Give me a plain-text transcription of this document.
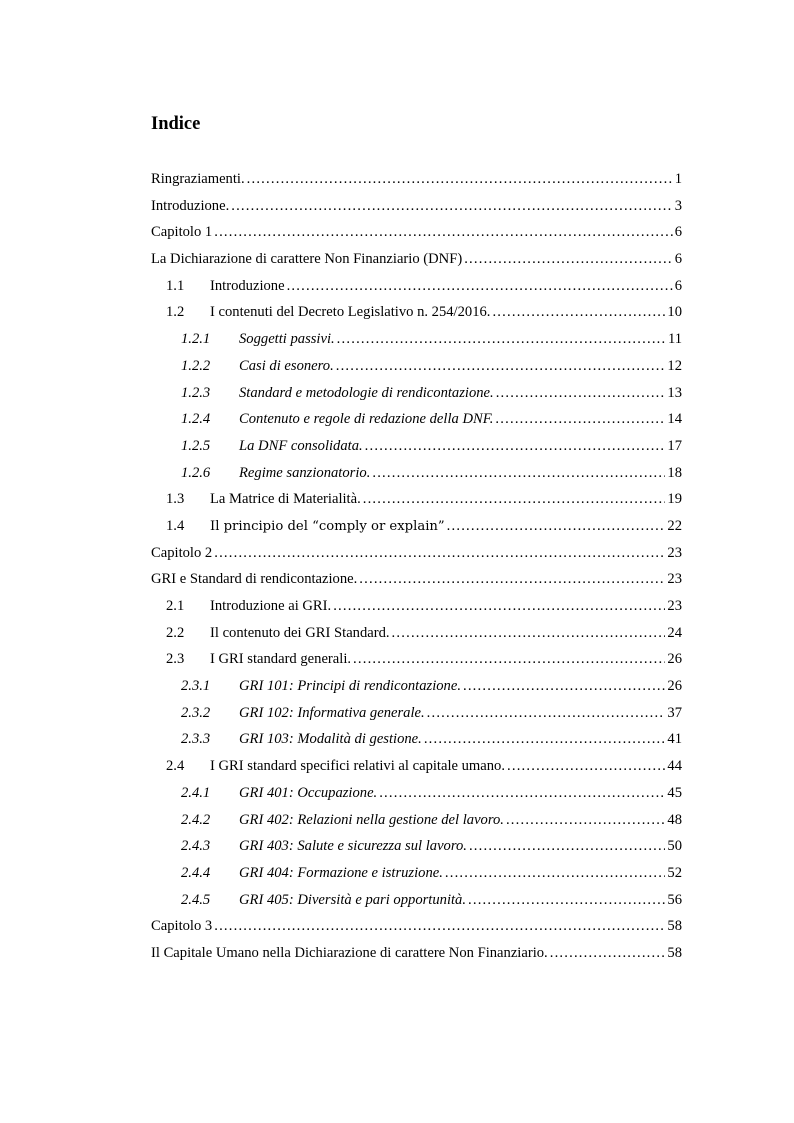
Indice
Ringraziamenti. .....	1
Introduzione. .....	3
Capitolo 1 .....	6
La Dichiarazione di carattere Non Finanziario (DNF) .....	6
1.1	Introduzione .....	6
1.2	I contenuti del Decreto Legislativo n. 254/2016. .....	10
1.2.1	Soggetti passivi. .....	11
1.2.2	Casi di esonero. .....	12
1.2.3	Standard e metodologie di rendicontazione. .....	13
1.2.4	Contenuto e regole di redazione della DNF. .....	14
1.2.5	La DNF consolidata. .....	17
1.2.6	Regime sanzionatorio. .....	18
1.3	La Matrice di Materialità. .....	19
1.4	Il principio del “comply or explain” .....	22
Capitolo 2 .....	23
GRI e Standard di rendicontazione. .....	23
2.1	Introduzione ai GRI. .....	23
2.2	Il contenuto dei GRI Standard. .....	24
2.3	I GRI standard generali. .....	26
2.3.1	GRI 101: Principi di rendicontazione. .....	26
2.3.2	GRI 102: Informativa generale. .....	37
2.3.3	GRI 103: Modalità di gestione. .....	41
2.4	I GRI standard specifici relativi al capitale umano. .....	44
2.4.1	GRI 401: Occupazione. .....	45
2.4.2	GRI 402: Relazioni nella gestione del lavoro. .....	48
2.4.3	GRI 403: Salute e sicurezza sul lavoro. .....	50
2.4.4	GRI 404: Formazione e istruzione. .....	52
2.4.5	GRI 405: Diversità e pari opportunità. .....	56
Capitolo 3 .....	58
Il Capitale Umano nella Dichiarazione di carattere Non Finanziario. .....	58
